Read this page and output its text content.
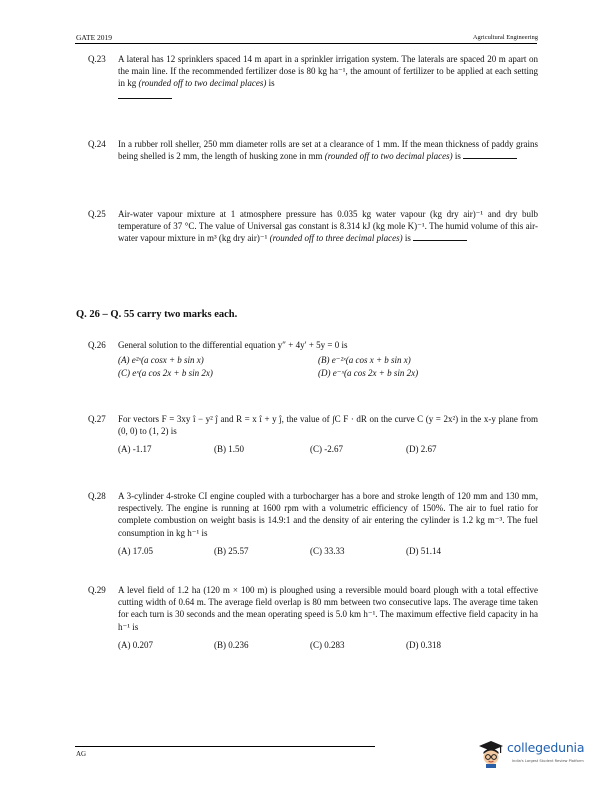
GATE 2019	Agricultural Engineering
Q.23 A lateral has 12 sprinklers spaced 14 m apart in a sprinkler irrigation system. The laterals are spaced 20 m apart on the main line. If the recommended fertilizer dose is 80 kg ha⁻¹, the amount of fertilizer to be applied at each setting in kg (rounded off to two decimal places) is

Q.24 In a rubber roll sheller, 250 mm diameter rolls are set at a clearance of 1 mm. If the mean thickness of paddy grains being shelled is 2 mm, the length of husking zone in mm (rounded off to two decimal places) is
Q.25 Air-water vapour mixture at 1 atmosphere pressure has 0.035 kg water vapour (kg dry air)⁻¹ and dry bulb temperature of 37 °C. The value of Universal gas constant is 8.314 kJ (kg mole K)⁻¹. The humid volume of this air-water vapour mixture in m³ (kg dry air)⁻¹ (rounded off to three decimal places) is
Q. 26 – Q. 55 carry two marks each.
Q.26 General solution to the differential equation y″ + 4y′ + 5y = 0 is
(A) e²ˣ(a cosx + b sin x)	(B) e⁻²ˣ(a cos x + b sin x)
(C) eˣ(a cos 2x + b sin 2x)	(D) e⁻ˣ(a cos 2x + b sin 2x)
Q.27 For vectors F = 3xy î − y² ĵ and R = x î + y ĵ, the value of ∫C F · dR on the curve C (y = 2x²) in the x-y plane from (0, 0) to (1, 2) is
(A) -1.17	(B) 1.50	(C) -2.67	(D) 2.67
Q.28 A 3-cylinder 4-stroke CI engine coupled with a turbocharger has a bore and stroke length of 120 mm and 130 mm, respectively. The engine is running at 1600 rpm with a volumetric efficiency of 150%. The air to fuel ratio for complete combustion on weight basis is 14.9:1 and the density of air entering the cylinder is 1.2 kg m⁻³. The fuel consumption in kg h⁻¹ is
(A) 17.05	(B) 25.57	(C) 33.33	(D) 51.14
Q.29 A level field of 1.2 ha (120 m × 100 m) is ploughed using a reversible mould board plough with a total effective cutting width of 0.64 m. The average field overlap is 80 mm between two consecutive laps. The average time taken for each turn is 30 seconds and the mean operating speed is 5.0 km h⁻¹. The maximum effective field capacity in ha h⁻¹ is
(A) 0.207	(B) 0.236	(C) 0.283	(D) 0.318
AG	collegedunia
India's Largest Student Review Platform
